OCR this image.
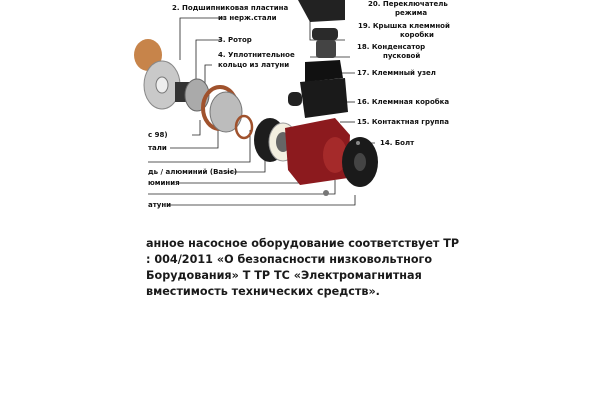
2. Подшипниковая пластина
из нерж.стали
3. Ротор
4. Уплотнительное
кольцо из латуни
20. Переключатель
режима
19. Крышка клеммной
коробки
18. Конденсатор
пусковой
17. Клеммный узел
16. Клеммная коробка
15. Контактная группа
14. Болт
с 98)
тали
дь / алюминий (Basic)
юминия
атуни
анное насосное оборудование соответствует ТР
: 004/2011 «О безопасности низковольтного
Борудования» Т ТР ТС «Электромагнитная
вместимость технических средств».
